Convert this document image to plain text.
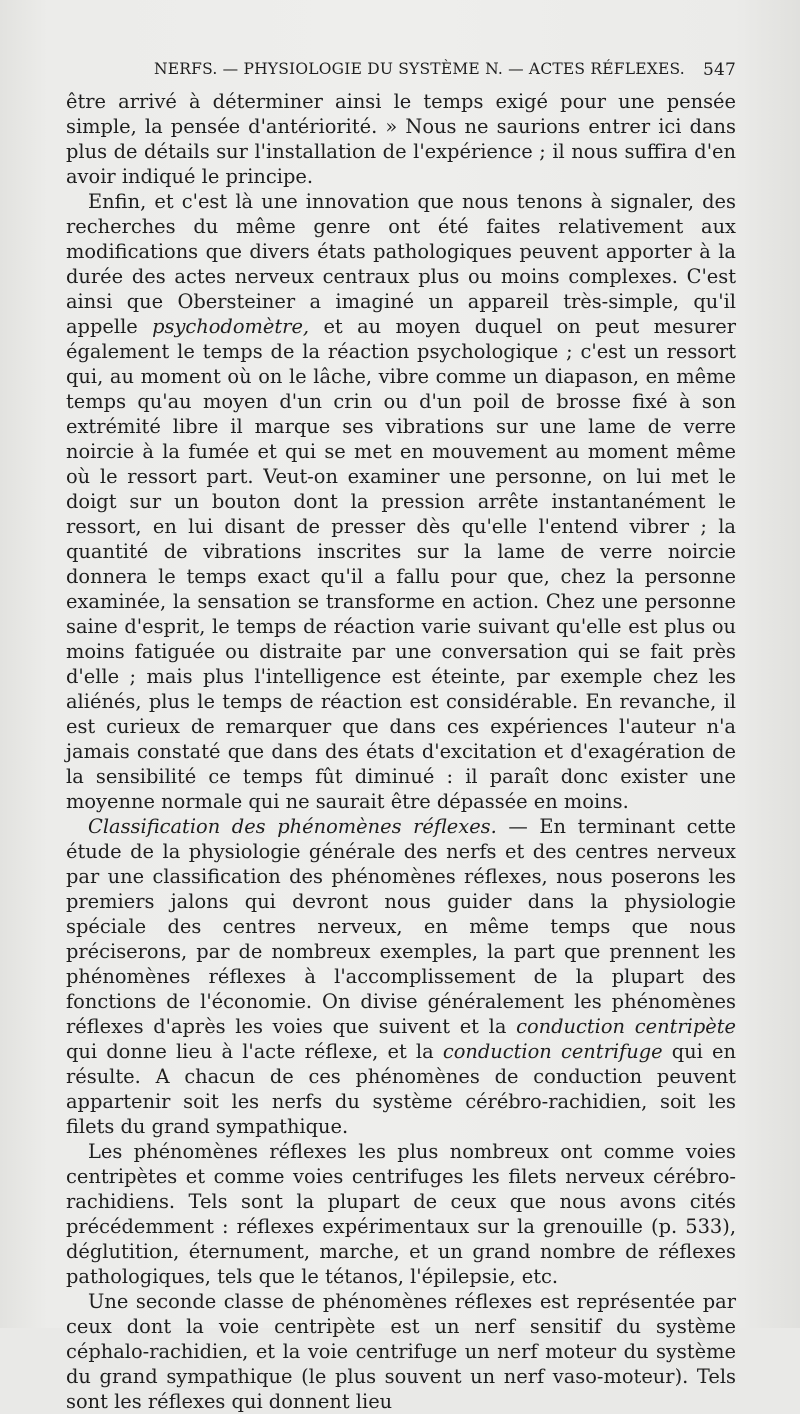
NERFS. — PHYSIOLOGIE DU SYSTÈME N. — ACTES RÉFLEXES. 547

être arrivé à déterminer ainsi le temps exigé pour une pensée simple, la pensée d'antériorité. » Nous ne saurions entrer ici dans plus de détails sur l'installation de l'expérience ; il nous suffira d'en avoir indiqué le principe.

Enfin, et c'est là une innovation que nous tenons à signaler, des recherches du même genre ont été faites relativement aux modifications que divers états pathologiques peuvent apporter à la durée des actes nerveux centraux plus ou moins complexes. C'est ainsi que Obersteiner a imaginé un appareil très-simple, qu'il appelle psychodomètre, et au moyen duquel on peut mesurer également le temps de la réaction psychologique ; c'est un ressort qui, au moment où on le lâche, vibre comme un diapason, en même temps qu'au moyen d'un crin ou d'un poil de brosse fixé à son extrémité libre il marque ses vibrations sur une lame de verre noircie à la fumée et qui se met en mouvement au moment même où le ressort part. Veut-on examiner une personne, on lui met le doigt sur un bouton dont la pression arrête instantanément le ressort, en lui disant de presser dès qu'elle l'entend vibrer ; la quantité de vibrations inscrites sur la lame de verre noircie donnera le temps exact qu'il a fallu pour que, chez la personne examinée, la sensation se transforme en action. Chez une personne saine d'esprit, le temps de réaction varie suivant qu'elle est plus ou moins fatiguée ou distraite par une conversation qui se fait près d'elle ; mais plus l'intelligence est éteinte, par exemple chez les aliénés, plus le temps de réaction est considérable. En revanche, il est curieux de remarquer que dans ces expériences l'auteur n'a jamais constaté que dans des états d'excitation et d'exagération de la sensibilité ce temps fût diminué : il paraît donc exister une moyenne normale qui ne saurait être dépassée en moins.

Classification des phénomènes réflexes. — En terminant cette étude de la physiologie générale des nerfs et des centres nerveux par une classification des phénomènes réflexes, nous poserons les premiers jalons qui devront nous guider dans la physiologie spéciale des centres nerveux, en même temps que nous préciserons, par de nombreux exemples, la part que prennent les phénomènes réflexes à l'accomplissement de la plupart des fonctions de l'économie. On divise généralement les phénomènes réflexes d'après les voies que suivent et la conduction centripète qui donne lieu à l'acte réflexe, et la conduction centrifuge qui en résulte. A chacun de ces phénomènes de conduction peuvent appartenir soit les nerfs du système cérébro-rachidien, soit les filets du grand sympathique.

Les phénomènes réflexes les plus nombreux ont comme voies centripètes et comme voies centrifuges les filets nerveux cérébro-rachidiens. Tels sont la plupart de ceux que nous avons cités précédemment : réflexes expérimentaux sur la grenouille (p. 533), déglutition, éternument, marche, et un grand nombre de réflexes pathologiques, tels que le tétanos, l'épilepsie, etc.

Une seconde classe de phénomènes réflexes est représentée par ceux dont la voie centripète est un nerf sensitif du système céphalo-rachidien, et la voie centrifuge un nerf moteur du système du grand sympathique (le plus souvent un nerf vaso-moteur). Tels sont les réflexes qui donnent lieu
